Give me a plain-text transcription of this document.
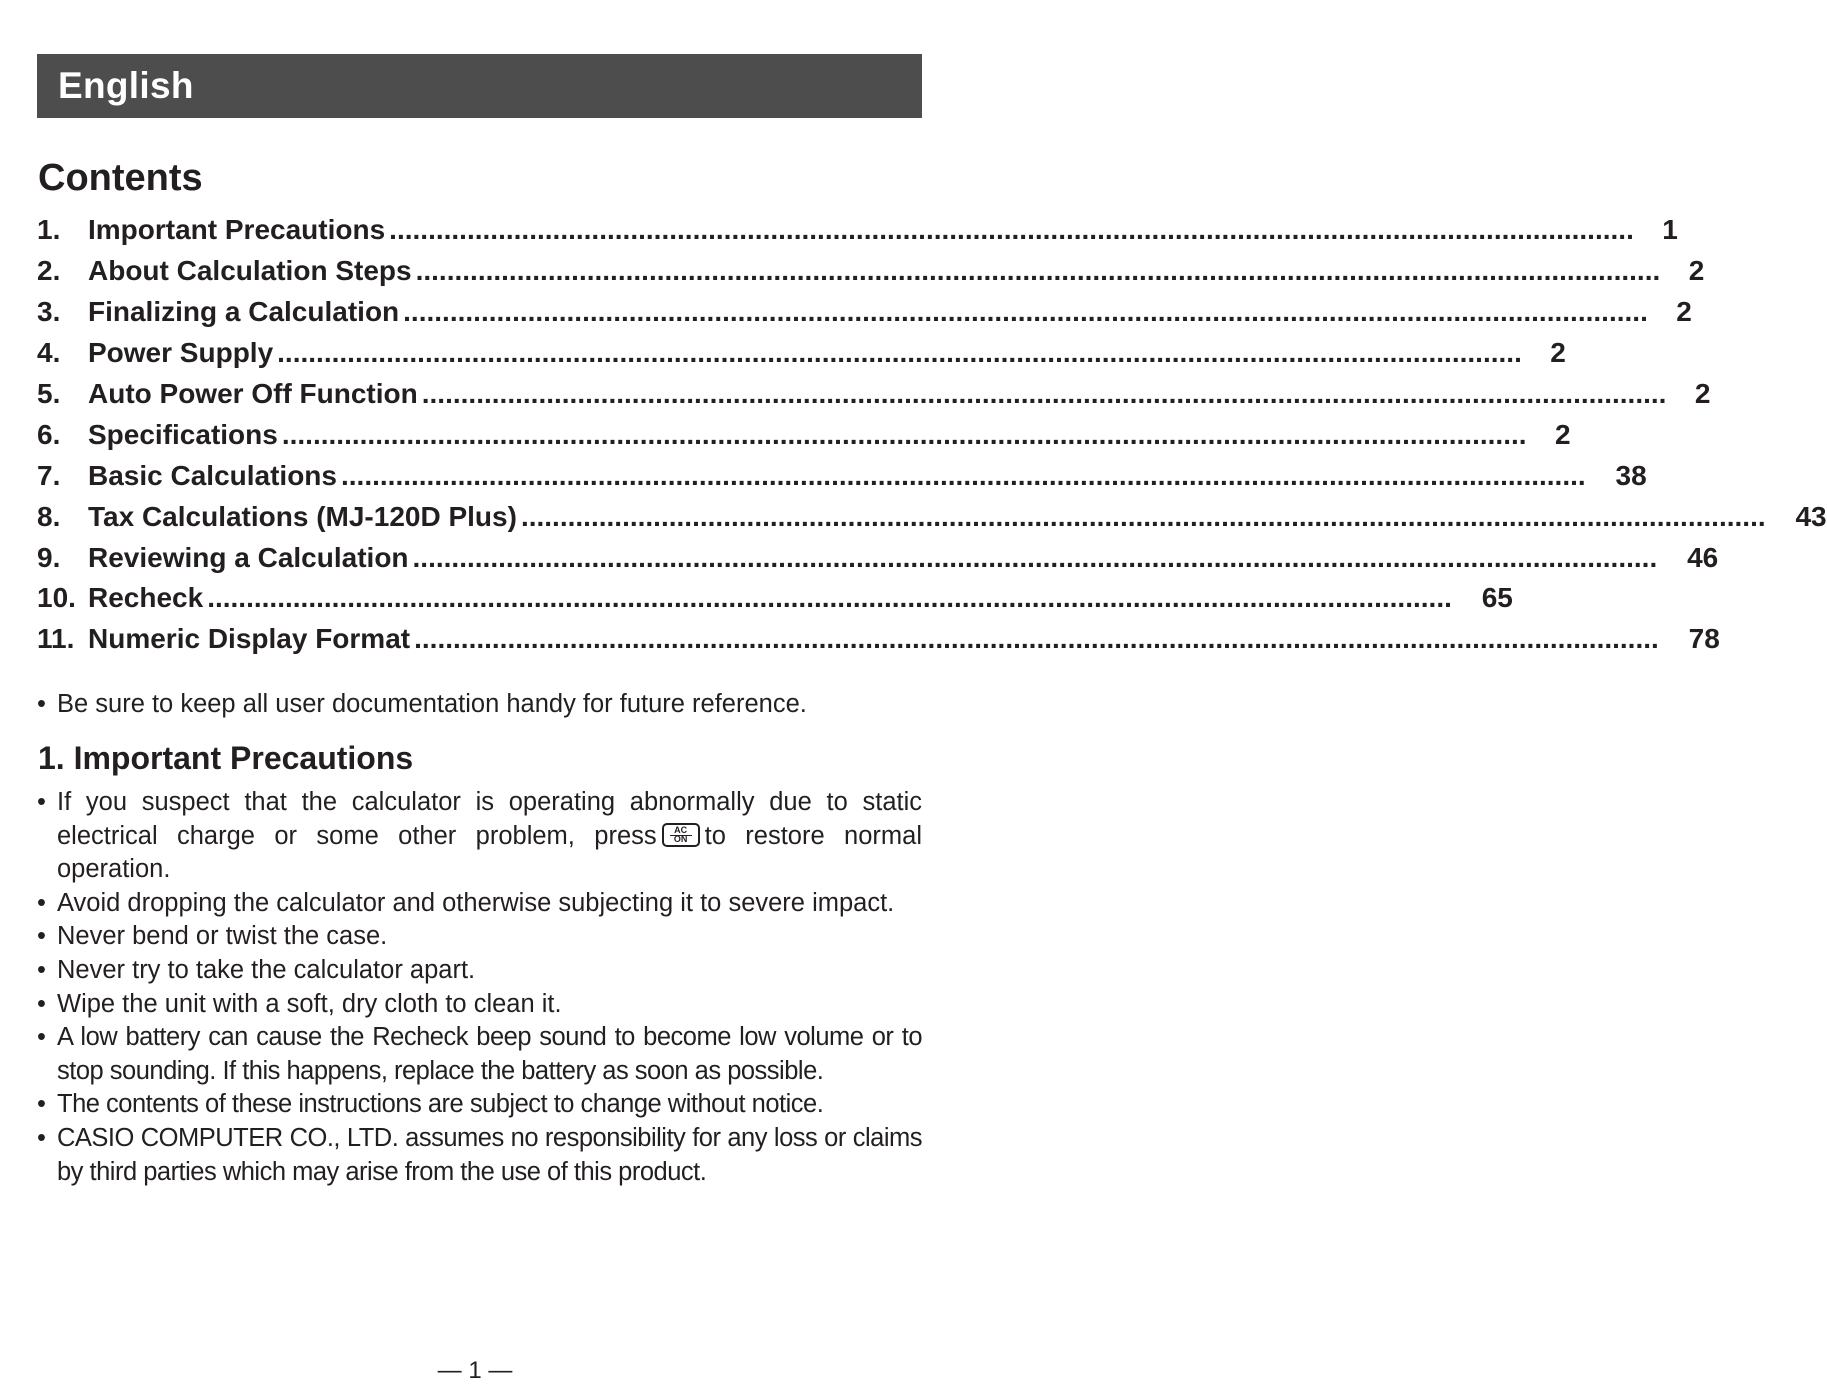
English
Contents
1. Important Precautions ................................................................................................................................................................	1
2. About Calculation Steps ................................................................................................................................................................	2
3. Finalizing a Calculation ................................................................................................................................................................	2
4. Power Supply ................................................................................................................................................................	2
5. Auto Power Off Function ................................................................................................................................................................	2
6. Specifications ................................................................................................................................................................	2
7. Basic Calculations ................................................................................................................................................................	38
8. Tax Calculations (MJ-120D Plus) ................................................................................................................................................................	43
9. Reviewing a Calculation ................................................................................................................................................................	46
10. Recheck ................................................................................................................................................................	65
11. Numeric Display Format ................................................................................................................................................................	78

• Be sure to keep all user documentation handy for future reference.

1. Important Precautions
• If you suspect that the calculator is operating abnormally due to static electrical charge or some other problem, press $\frac{AC}{ON}$ to restore normal operation.
• Avoid dropping the calculator and otherwise subjecting it to severe impact.
• Never bend or twist the case.
• Never try to take the calculator apart.
• Wipe the unit with a soft, dry cloth to clean it.
• A low battery can cause the Recheck beep sound to become low volume or to stop sounding. If this happens, replace the battery as soon as possible.
• The contents of these instructions are subject to change without notice.
• CASIO COMPUTER CO., LTD. assumes no responsibility for any loss or claims by third parties which may arise from the use of this product.
— 1 —
